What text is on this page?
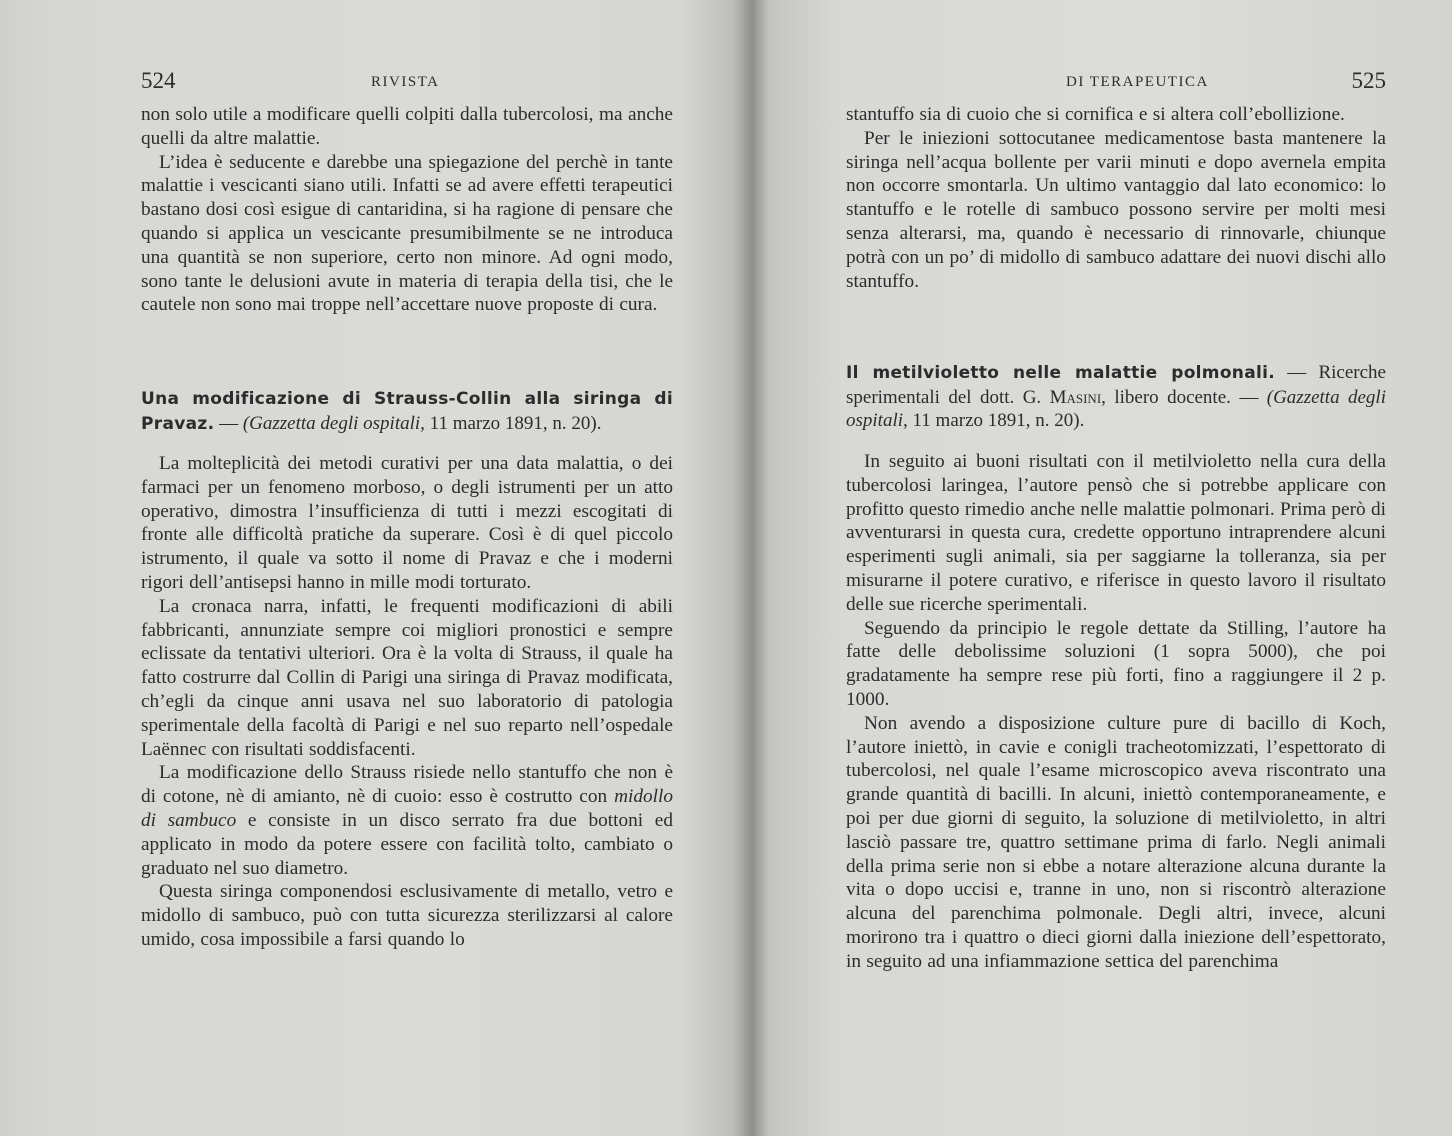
524	RIVISTA

non solo utile a modificare quelli colpiti dalla tubercolosi, ma anche quelli da altre malattie.

L’idea è seducente e darebbe una spiegazione del perchè in tante malattie i vescicanti siano utili. Infatti se ad avere effetti terapeutici bastano dosi così esigue di cantaridina, si ha ragione di pensare che quando si applica un vescicante presumibilmente se ne introduca una quantità se non superiore, certo non minore. Ad ogni modo, sono tante le delusioni avute in materia di terapia della tisi, che le cautele non sono mai troppe nell’accettare nuove proposte di cura.

Una modificazione di Strauss-Collin alla siringa di Pravaz. — (Gazzetta degli ospitali, 11 marzo 1891, n. 20).

La molteplicità dei metodi curativi per una data malattia, o dei farmaci per un fenomeno morboso, o degli istrumenti per un atto operativo, dimostra l’insufficienza di tutti i mezzi escogitati di fronte alle difficoltà pratiche da superare. Così è di quel piccolo istrumento, il quale va sotto il nome di Pravaz e che i moderni rigori dell’antisepsi hanno in mille modi torturato.

La cronaca narra, infatti, le frequenti modificazioni di abili fabbricanti, annunziate sempre coi migliori pronostici e sempre eclissate da tentativi ulteriori. Ora è la volta di Strauss, il quale ha fatto costrurre dal Collin di Parigi una siringa di Pravaz modificata, ch’egli da cinque anni usava nel suo laboratorio di patologia sperimentale della facoltà di Parigi e nel suo reparto nell’ospedale Laënnec con risultati soddisfacenti.

La modificazione dello Strauss risiede nello stantuffo che non è di cotone, nè di amianto, nè di cuoio: esso è costrutto con midollo di sambuco e consiste in un disco serrato fra due bottoni ed applicato in modo da potere essere con facilità tolto, cambiato o graduato nel suo diametro.

Questa siringa componendosi esclusivamente di metallo, vetro e midollo di sambuco, può con tutta sicurezza sterilizzarsi al calore umido, cosa impossibile a farsi quando lo

DI TERAPEUTICA	525

stantuffo sia di cuoio che si cornifica e si altera coll’ebollizione.

Per le iniezioni sottocutanee medicamentose basta mantenere la siringa nell’acqua bollente per varii minuti e dopo avernela empita non occorre smontarla. Un ultimo vantaggio dal lato economico: lo stantuffo e le rotelle di sambuco possono servire per molti mesi senza alterarsi, ma, quando è necessario di rinnovarle, chiunque potrà con un po’ di midollo di sambuco adattare dei nuovi dischi allo stantuffo.

Il metilvioletto nelle malattie polmonali. — Ricerche sperimentali del dott. G. Masini, libero docente. — (Gazzetta degli ospitali, 11 marzo 1891, n. 20).

In seguito ai buoni risultati con il metilvioletto nella cura della tubercolosi laringea, l’autore pensò che si potrebbe applicare con profitto questo rimedio anche nelle malattie polmonari. Prima però di avventurarsi in questa cura, credette opportuno intraprendere alcuni esperimenti sugli animali, sia per saggiarne la tolleranza, sia per misurarne il potere curativo, e riferisce in questo lavoro il risultato delle sue ricerche sperimentali.

Seguendo da principio le regole dettate da Stilling, l’autore ha fatte delle debolissime soluzioni (1 sopra 5000), che poi gradatamente ha sempre rese più forti, fino a raggiungere il 2 p. 1000.

Non avendo a disposizione culture pure di bacillo di Koch, l’autore iniettò, in cavie e conigli tracheotomizzati, l’espettorato di tubercolosi, nel quale l’esame microscopico aveva riscontrato una grande quantità di bacilli. In alcuni, iniettò contemporaneamente, e poi per due giorni di seguito, la soluzione di metilvioletto, in altri lasciò passare tre, quattro settimane prima di farlo. Negli animali della prima serie non si ebbe a notare alterazione alcuna durante la vita o dopo uccisi e, tranne in uno, non si riscontrò alterazione alcuna del parenchima polmonale. Degli altri, invece, alcuni morirono tra i quattro o dieci giorni dalla iniezione dell’espettorato, in seguito ad una infiammazione settica del parenchima
